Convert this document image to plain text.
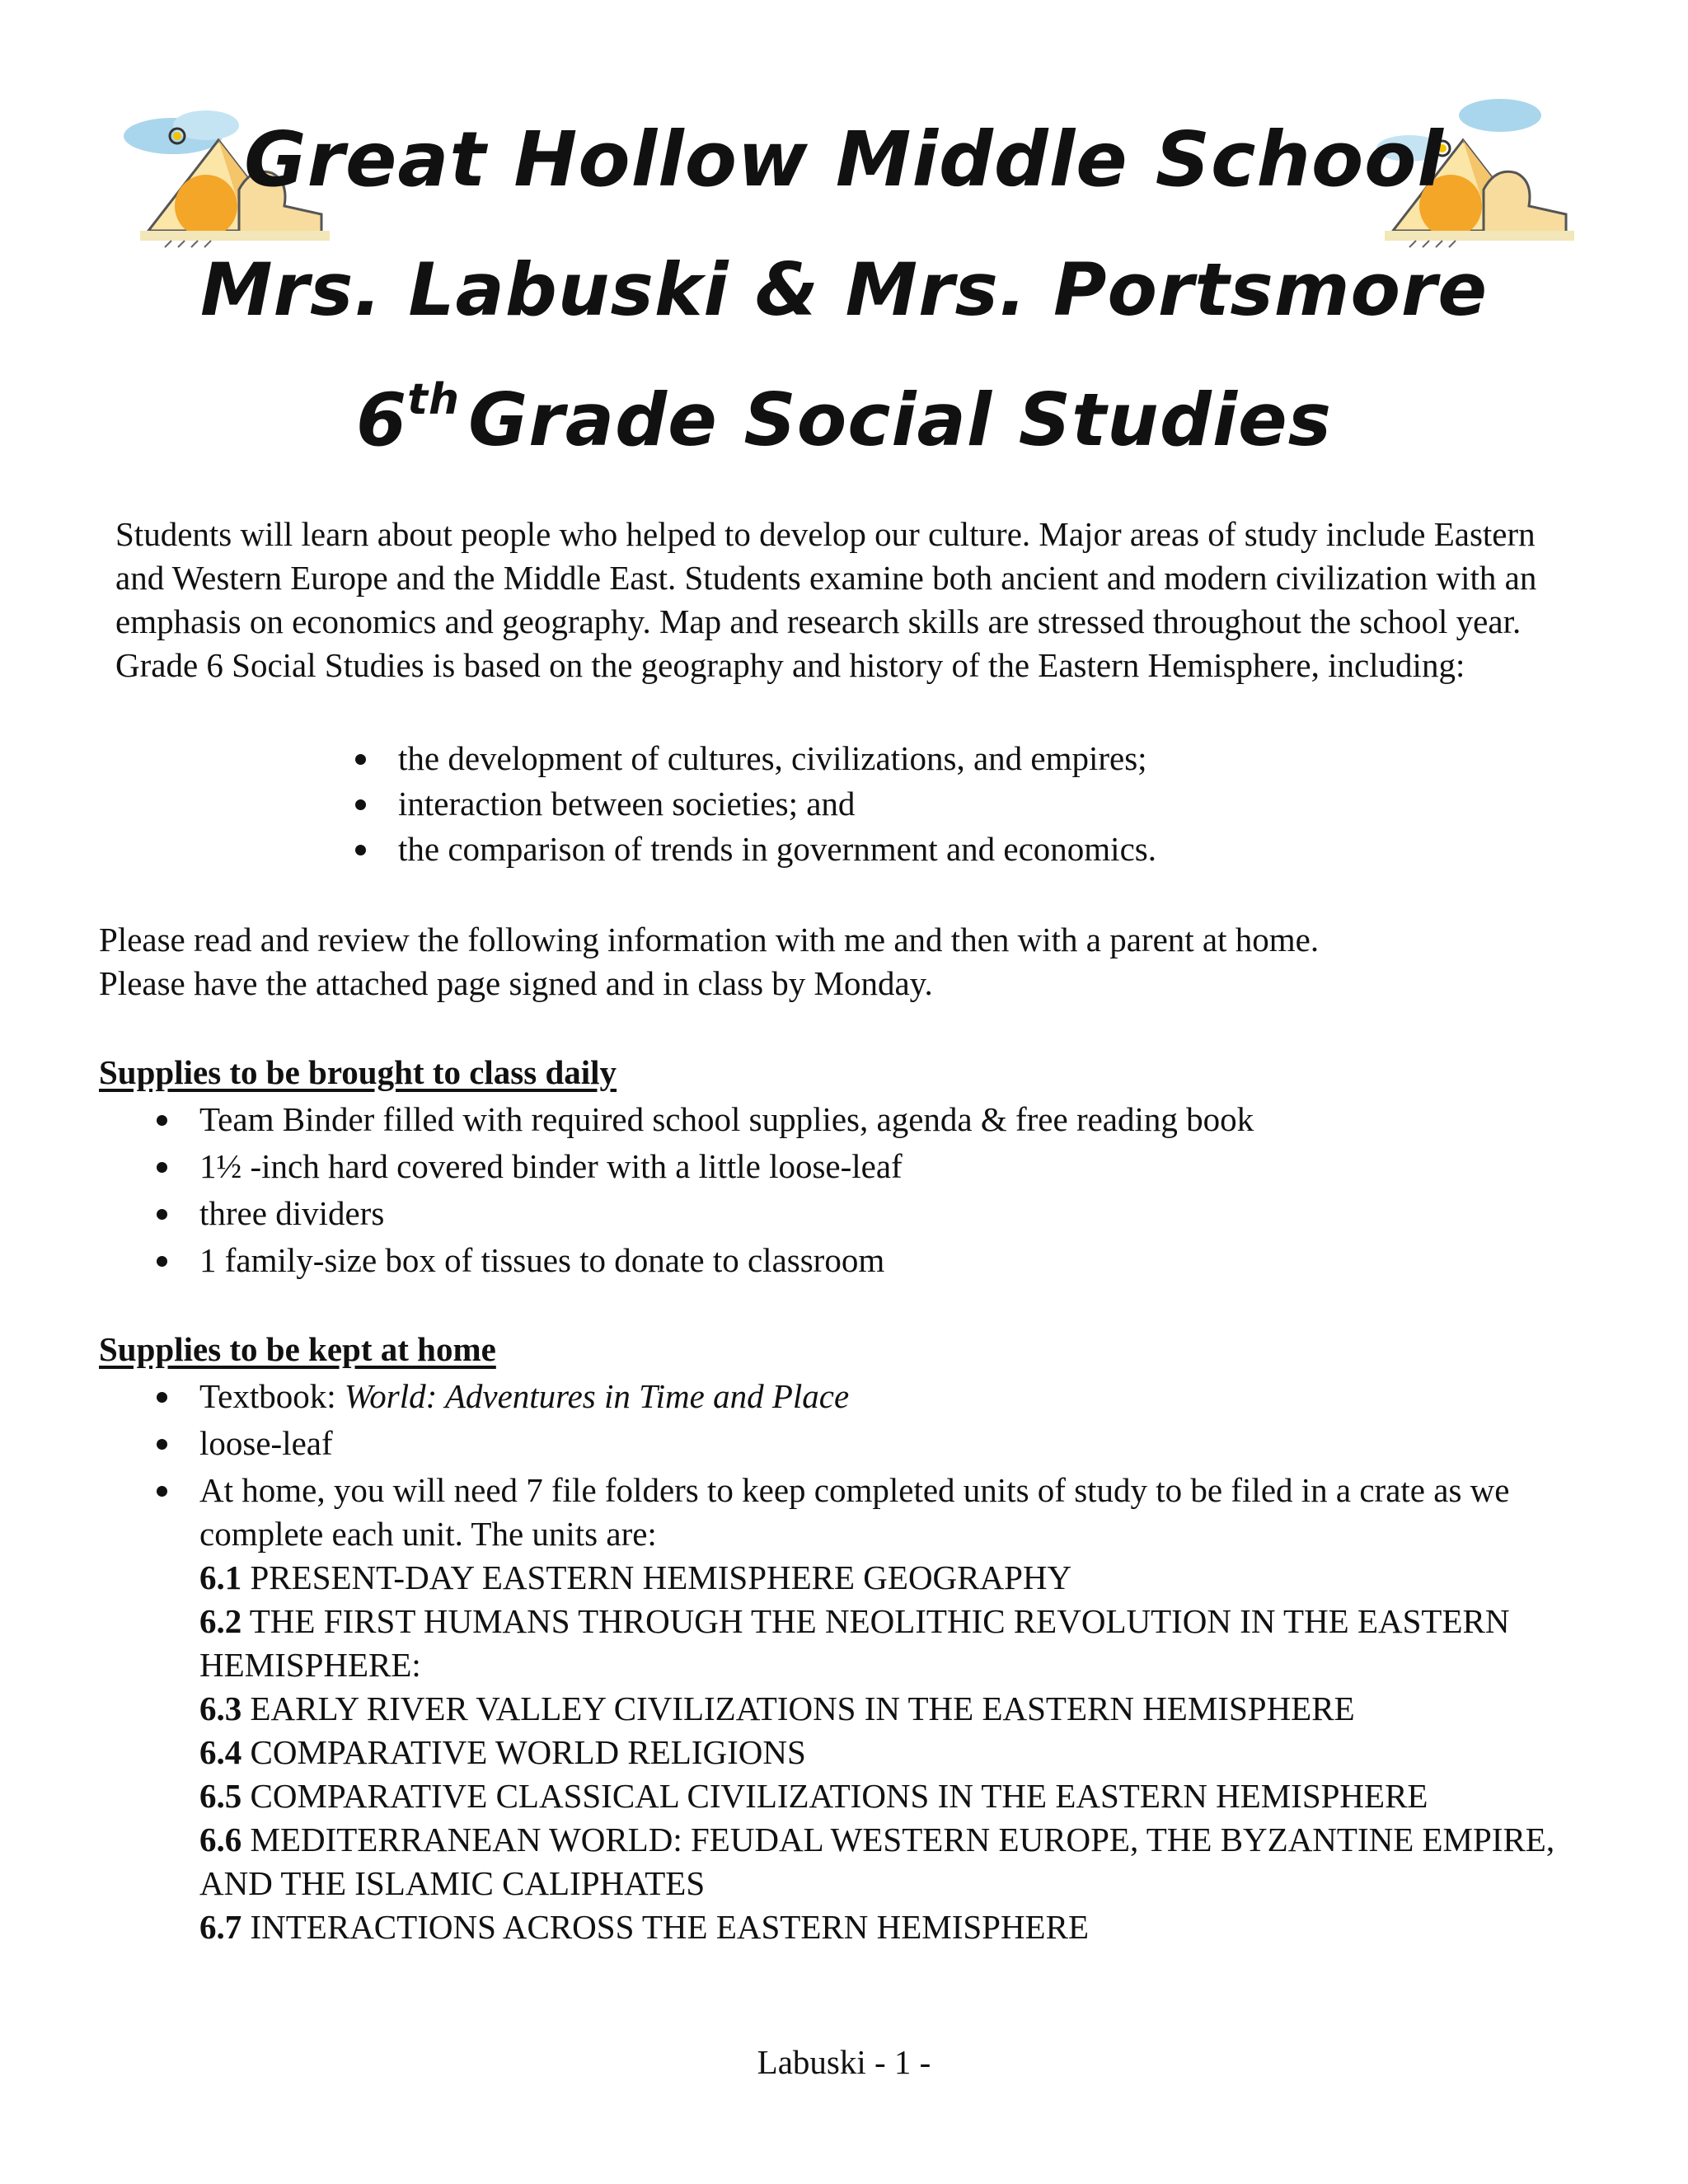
Great Hollow Middle School
Mrs. Labuski & Mrs. Portsmore
6th Grade Social Studies

Students will learn about people who helped to develop our culture. Major areas of study include Eastern and Western Europe and the Middle East. Students examine both ancient and modern civilization with an emphasis on economics and geography. Map and research skills are stressed throughout the school year. Grade 6 Social Studies is based on the geography and history of the Eastern Hemisphere, including:

the development of cultures, civilizations, and empires;
interaction between societies; and
the comparison of trends in government and economics.

Please read and review the following information with me and then with a parent at home.

Please have the attached page signed and in class by Monday.

Supplies to be brought to class daily
Team Binder filled with required school supplies, agenda & free reading book
1½ -inch hard covered binder with a little loose-leaf
three dividers
1 family-size box of tissues to donate to classroom
Supplies to be kept at home
Textbook: World: Adventures in Time and Place
loose-leaf
At home, you will need 7 file folders to keep completed units of study to be filed in a crate as we complete each unit. The units are:
6.1 PRESENT-DAY EASTERN HEMISPHERE GEOGRAPHY
6.2 THE FIRST HUMANS THROUGH THE NEOLITHIC REVOLUTION IN THE EASTERN HEMISPHERE:
6.3 EARLY RIVER VALLEY CIVILIZATIONS IN THE EASTERN HEMISPHERE
6.4 COMPARATIVE WORLD RELIGIONS
6.5 COMPARATIVE CLASSICAL CIVILIZATIONS IN THE EASTERN HEMISPHERE
6.6 MEDITERRANEAN WORLD: FEUDAL WESTERN EUROPE, THE BYZANTINE EMPIRE, AND THE ISLAMIC CALIPHATES
6.7 INTERACTIONS ACROSS THE EASTERN HEMISPHERE
Labuski - 1 -
